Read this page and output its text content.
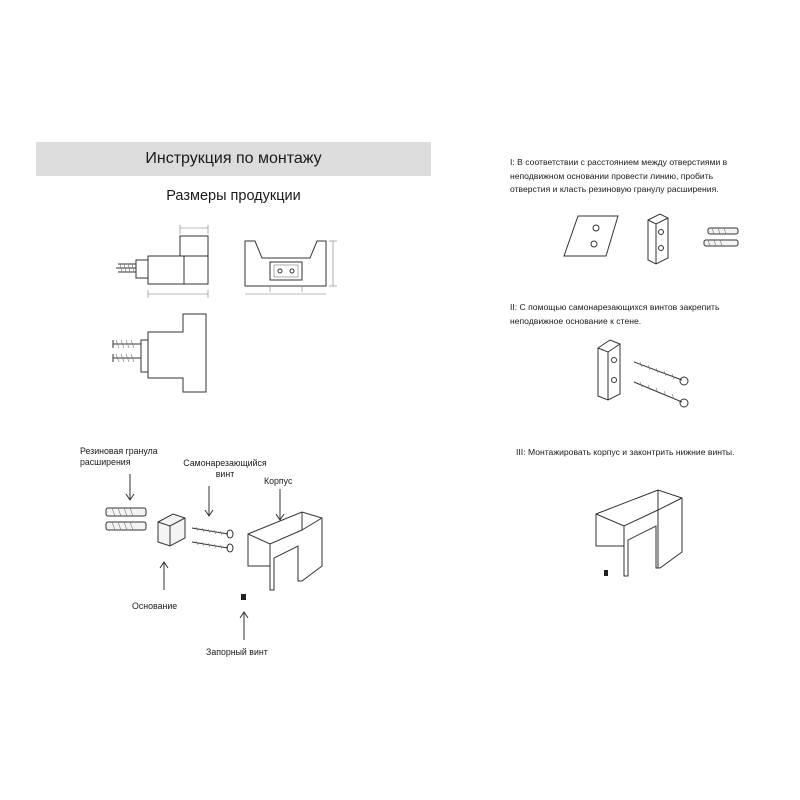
Инструкция по монтажу
Размеры продукции
Резиновая гранула
расширения	Самонарезающийся
винт
Корпус
Основание
Запорный винт
I: В соответствии с расстоянием между отверстиями в
неподвижном основании провести линию, пробить
отверстия и класть резиновую гранулу расширения.
II: С помощью самонарезающихся винтов закрепить
неподвижное основание к стене.
III: Монтажировать корпус и законтрить нижние винты.
